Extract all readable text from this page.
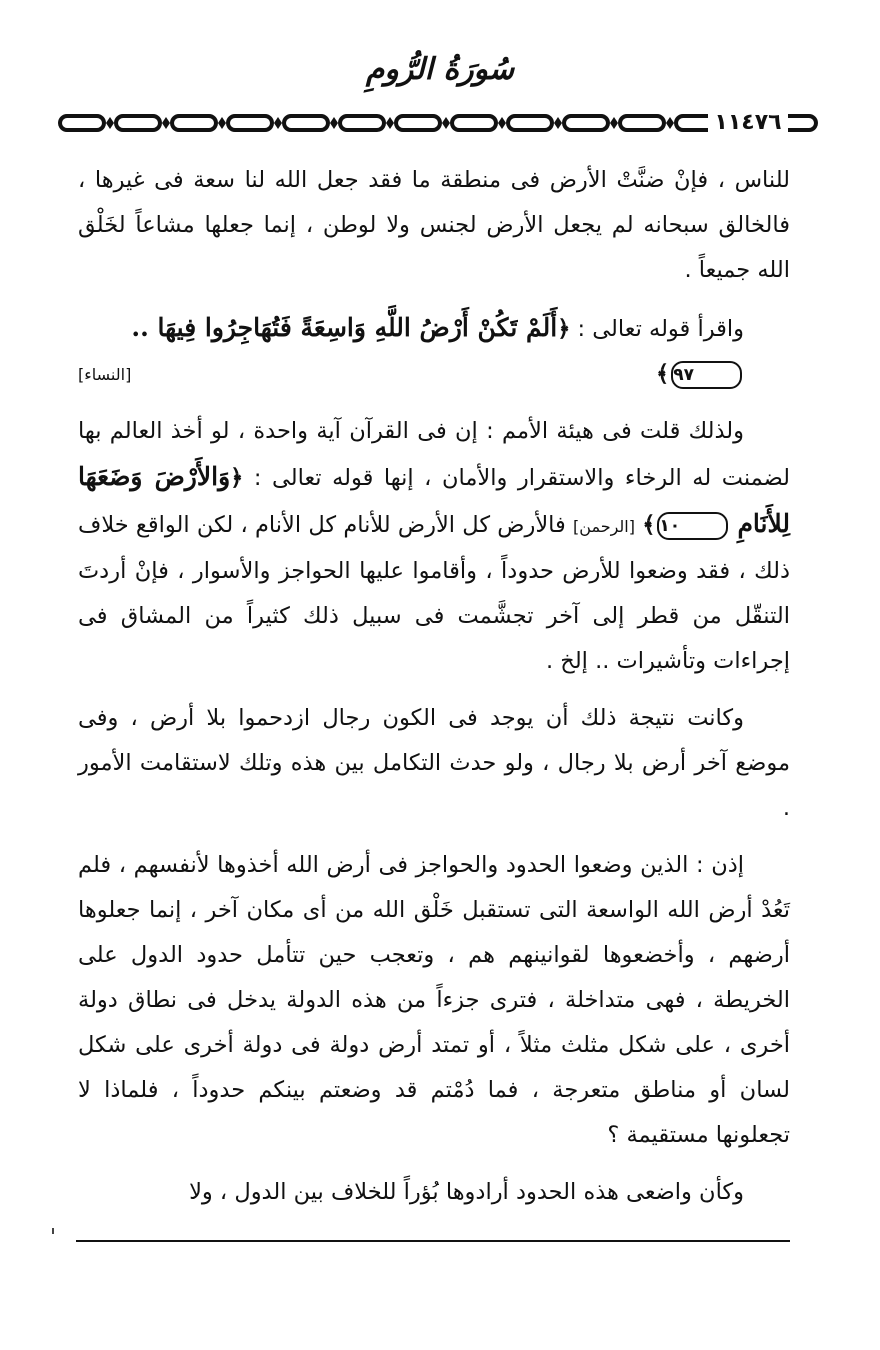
سُورَةُ الرُّومِ
١١٤٧٦

للناس ، فإنْ ضنَّتْ الأرض فى منطقة ما فقد جعل الله لنا سعة فى غيرها ، فالخالق سبحانه لم يجعل الأرض لجنس ولا لوطن ، إنما جعلها مشاعاً لخَلْق الله جميعاً .

واقرأ قوله تعالى : ﴿أَلَمْ تَكُنْ أَرْضُ اللَّهِ وَاسِعَةً فَتُهَاجِرُوا فِيهَا ..
٩٧﴾
[النساء]

ولذلك قلت فى هيئة الأمم : إن فى القرآن آية واحدة ، لو أخذ العالم بها لضمنت له الرخاء والاستقرار والأمان ، إنها قوله تعالى : ﴿وَالأَرْضَ وَضَعَهَا لِلأَنَامِ ١٠﴾ [الرحمن] فالأرض كل الأرض للأنام كل الأنام ، لكن الواقع خلاف ذلك ، فقد وضعوا للأرض حدوداً ، وأقاموا عليها الحواجز والأسوار ، فإنْ أردتَ التنقّل من قطر إلى آخر تجشَّمت فى سبيل ذلك كثيراً من المشاق فى إجراءات وتأشيرات .. إلخ .

وكانت نتيجة ذلك أن يوجد فى الكون رجال ازدحموا بلا أرض ، وفى موضع آخر أرض بلا رجال ، ولو حدث التكامل بين هذه وتلك لاستقامت الأمور .

إذن : الذين وضعوا الحدود والحواجز فى أرض الله أخذوها لأنفسهم ، فلم تَعُدْ أرض الله الواسعة التى تستقبل خَلْق الله من أى مكان آخر ، إنما جعلوها أرضهم ، وأخضعوها لقوانينهم هم ، وتعجب حين تتأمل حدود الدول على الخريطة ، فهى متداخلة ، فترى جزءاً من هذه الدولة يدخل فى نطاق دولة أخرى ، على شكل مثلث مثلاً ، أو تمتد أرض دولة فى دولة أخرى على شكل لسان أو مناطق متعرجة ، فما دُمْتم قد وضعتم بينكم حدوداً ، فلماذا لا تجعلونها مستقيمة ؟

وكأن واضعى هذه الحدود أرادوها بُؤراً للخلاف بين الدول ، ولا
